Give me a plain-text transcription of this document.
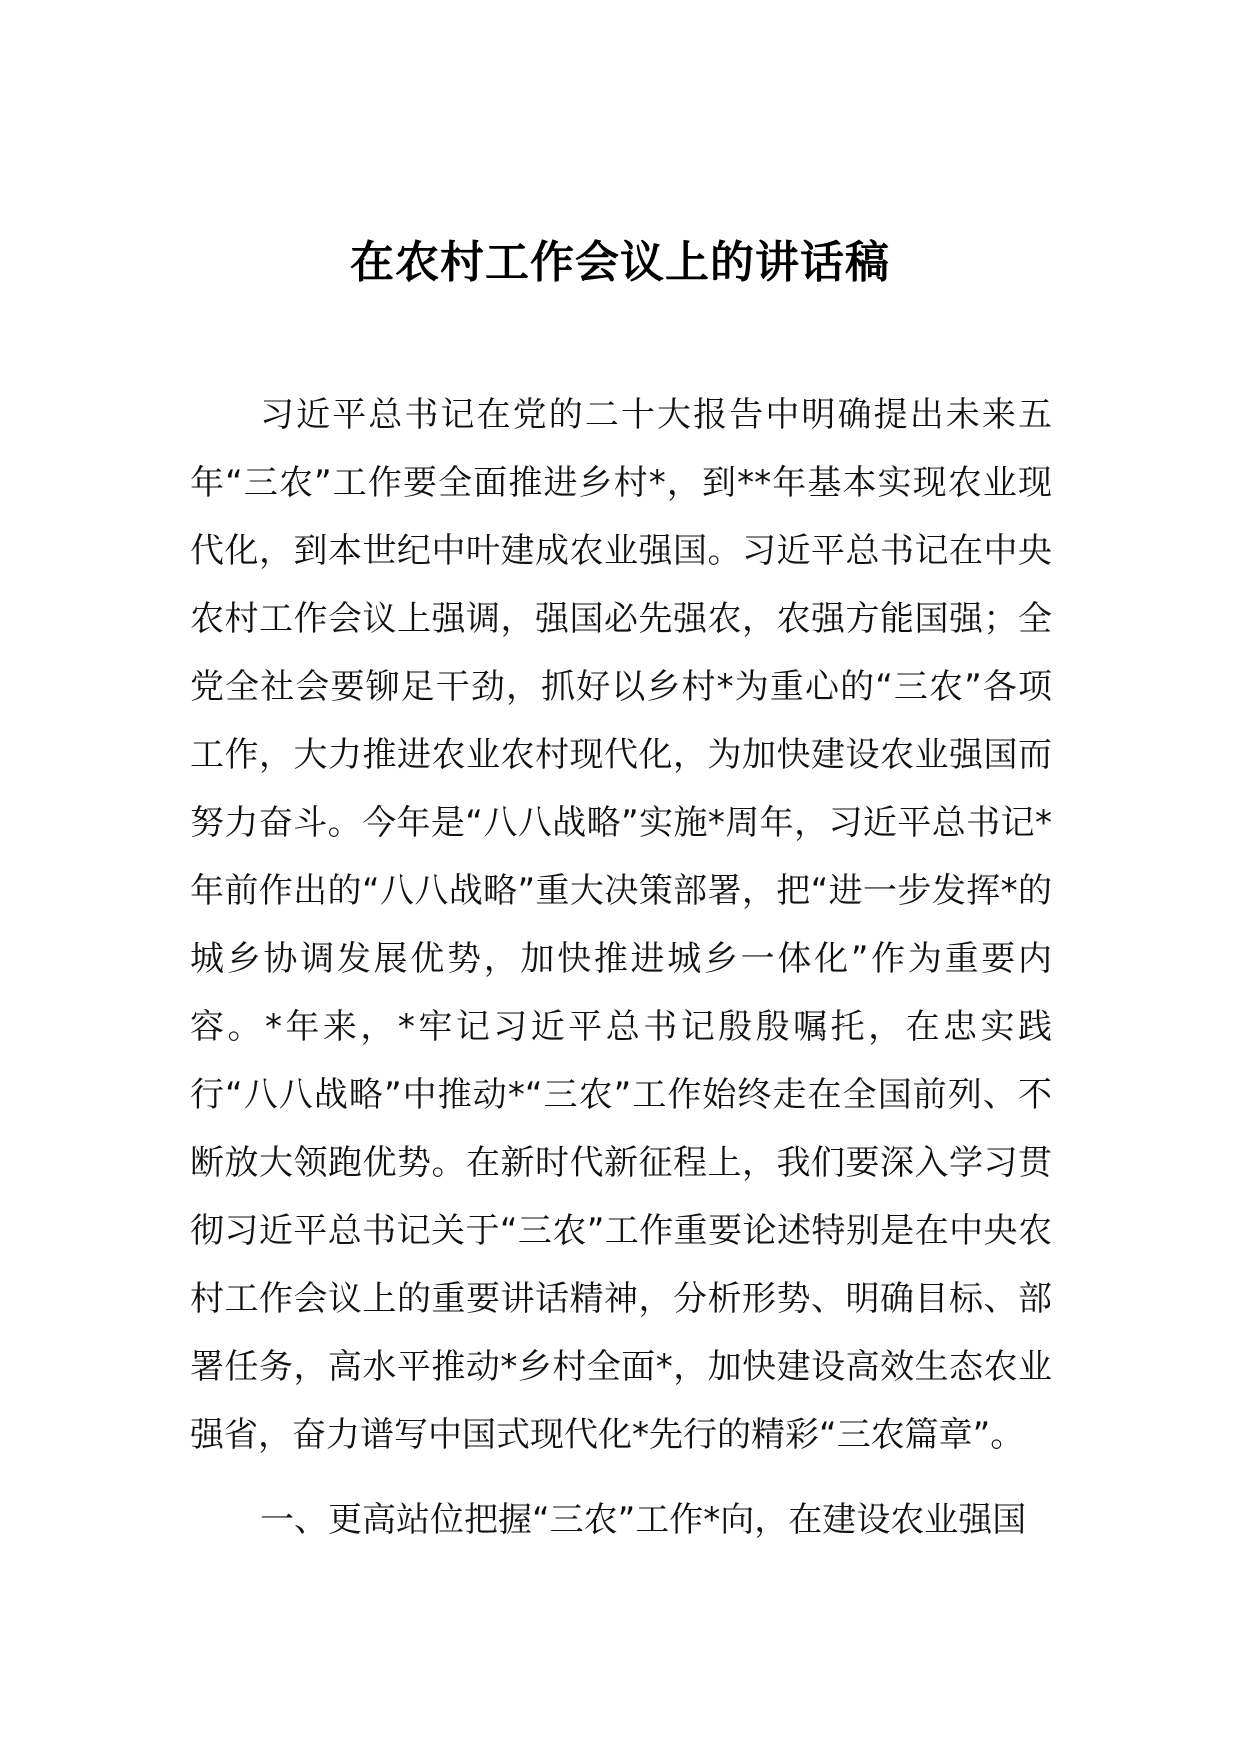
在农村工作会议上的讲话稿

习近平总书记在党的二十大报告中明确提出未来五年“三农”工作要全面推进乡村*，到**年基本实现农业现代化，到本世纪中叶建成农业强国。习近平总书记在中央农村工作会议上强调，强国必先强农，农强方能国强；全党全社会要铆足干劲，抓好以乡村*为重心的“三农”各项工作，大力推进农业农村现代化，为加快建设农业强国而努力奋斗。今年是“八八战略”实施*周年，习近平总书记*年前作出的“八八战略”重大决策部署，把“进一步发挥*的城乡协调发展优势，加快推进城乡一体化”作为重要内容。*年来，*牢记习近平总书记殷殷嘱托，在忠实践行“八八战略”中推动*“三农”工作始终走在全国前列、不断放大领跑优势。在新时代新征程上，我们要深入学习贯彻习近平总书记关于“三农”工作重要论述特别是在中央农村工作会议上的重要讲话精神，分析形势、明确目标、部署任务，高水平推动*乡村全面*，加快建设高效生态农业强省，奋力谱写中国式现代化*先行的精彩“三农篇章”。

一、更高站位把握“三农”工作*向，在建设农业强国
